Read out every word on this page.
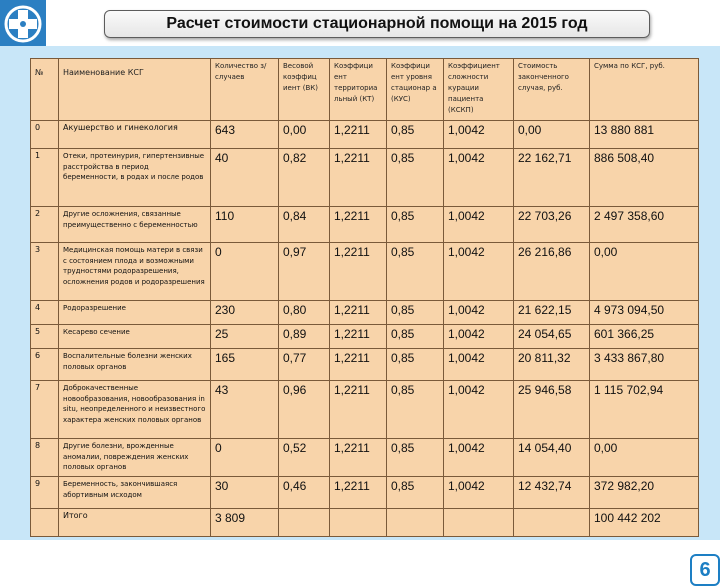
Расчет стоимости стационарной помощи на 2015 год
№	Наименование КСГ	Количество з/случаев	Весовой коэффиц иент (ВК)	Коэффици ент территориа льный (КТ)	Коэффици ент уровня стационар а (КУС)	Коэффициент сложности курации пациента (КСКП)	Стоимость законченного случая, руб.	Сумма по КСГ, руб.
0	Акушерство и гинекология	643	0,00	1,2211	0,85	1,0042	0,00	13 880 881
1	Отеки, протеинурия, гипертензивные расстройства в период беременности, в родах и после родов	40	0,82	1,2211	0,85	1,0042	22 162,71	886 508,40
2	Другие осложнения, связанные преимущественно с беременностью	110	0,84	1,2211	0,85	1,0042	22 703,26	2 497 358,60
3	Медицинская помощь матери в связи с состоянием плода и возможными трудностями родоразрешения, осложнения родов и родоразрешения	0	0,97	1,2211	0,85	1,0042	26 216,86	0,00
4	Родоразрешение	230	0,80	1,2211	0,85	1,0042	21 622,15	4 973 094,50
5	Кесарево сечение	25	0,89	1,2211	0,85	1,0042	24 054,65	601 366,25
6	Воспалительные болезни женских половых органов	165	0,77	1,2211	0,85	1,0042	20 811,32	3 433 867,80
7	Доброкачественные новообразования, новообразования in situ, неопределенного и неизвестного характера женских половых органов	43	0,96	1,2211	0,85	1,0042	25 946,58	1 115 702,94
8	Другие болезни, врожденные аномалии, повреждения женских половых органов	0	0,52	1,2211	0,85	1,0042	14 054,40	0,00
9	Беременность, закончившаяся абортивным исходом	30	0,46	1,2211	0,85	1,0042	12 432,74	372 982,20
	Итого	3 809						100 442 202
6
